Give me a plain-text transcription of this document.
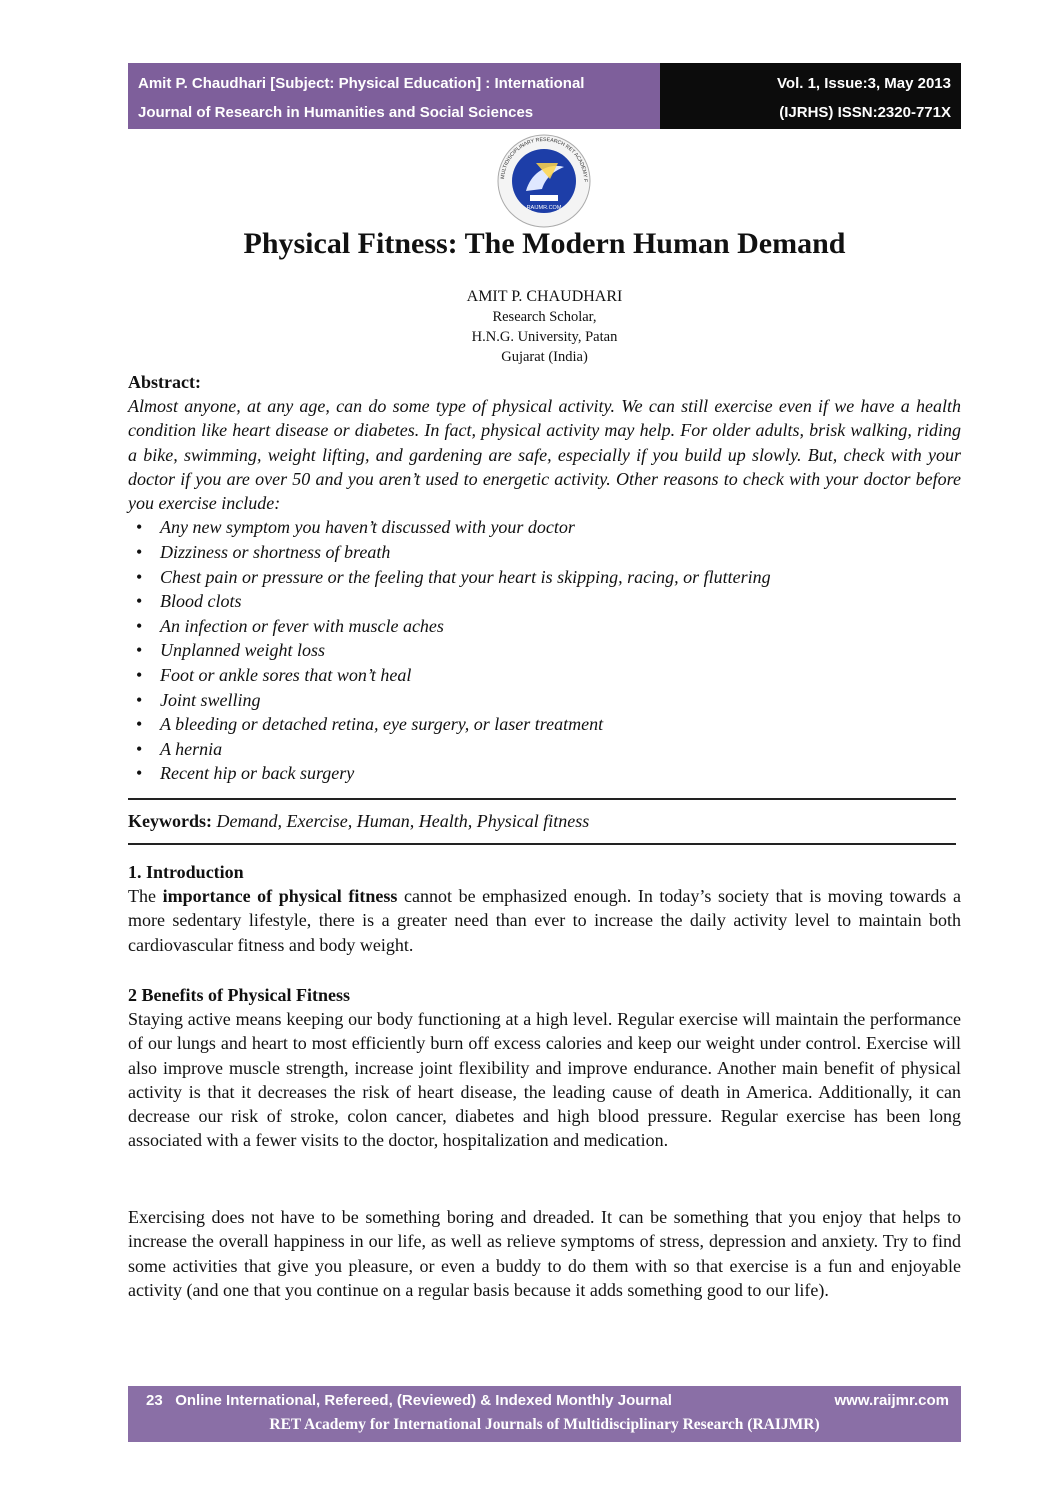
Amit P. Chaudhari [Subject: Physical Education] : International
Journal of Research in Humanities and Social Sciences
Vol. 1, Issue:3, May 2013
(IJRHS) ISSN:2320-771X
RAIJMR.COM
MULTIDISCIPLINARY RESEARCH RET ACADEMY F
Physical Fitness: The Modern Human Demand
AMIT P. CHAUDHARI
Research Scholar,
H.N.G. University, Patan
Gujarat (India)
Abstract:

Almost anyone, at any age, can do some type of physical activity. We can still exercise even if we have a health condition like heart disease or diabetes. In fact, physical activity may help. For older adults, brisk walking, riding a bike, swimming, weight lifting, and gardening are safe, especially if you build up slowly. But, check with your doctor if you are over 50 and you aren’t used to energetic activity. Other reasons to check with your doctor before you exercise include:

• Any new symptom you haven’t discussed with your doctor
• Dizziness or shortness of breath
• Chest pain or pressure or the feeling that your heart is skipping, racing, or fluttering
• Blood clots
• An infection or fever with muscle aches
• Unplanned weight loss
• Foot or ankle sores that won’t heal
• Joint swelling
• A bleeding or detached retina, eye surgery, or laser treatment
• A hernia
• Recent hip or back surgery
Keywords: Demand, Exercise, Human, Health, Physical fitness
1. Introduction

The importance of physical fitness cannot be emphasized enough. In today’s society that is moving towards a more sedentary lifestyle, there is a greater need than ever to increase the daily activity level to maintain both cardiovascular fitness and body weight.

2 Benefits of Physical Fitness

Staying active means keeping our body functioning at a high level. Regular exercise will maintain the performance of our lungs and heart to most efficiently burn off excess calories and keep our weight under control. Exercise will also improve muscle strength, increase joint flexibility and improve endurance. Another main benefit of physical activity is that it decreases the risk of heart disease, the leading cause of death in America. Additionally, it can decrease our risk of stroke, colon cancer, diabetes and high blood pressure. Regular exercise has been long associated with a fewer visits to the doctor, hospitalization and medication.

Exercising does not have to be something boring and dreaded. It can be something that you enjoy that helps to increase the overall happiness in our life, as well as relieve symptoms of stress, depression and anxiety. Try to find some activities that give you pleasure, or even a buddy to do them with so that exercise is a fun and enjoyable activity (and one that you continue on a regular basis because it adds something good to our life).

23 Online International, Refereed, (Reviewed) & Indexed Monthly Journal	www.raijmr.com
RET Academy for International Journals of Multidisciplinary Research (RAIJMR)
